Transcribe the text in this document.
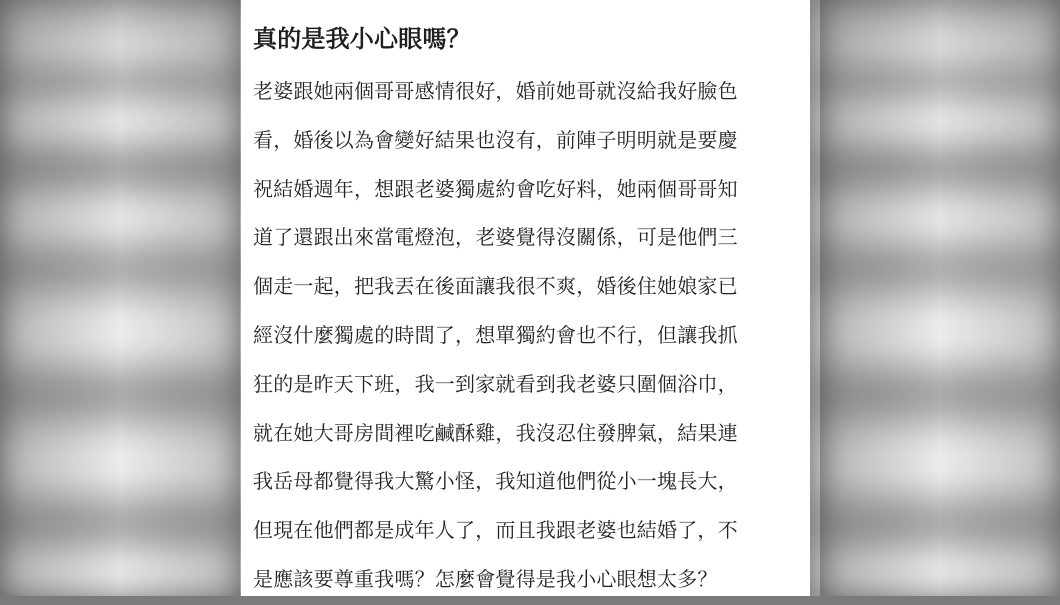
真的是我小心眼嗎？

老婆跟她兩個哥哥感情很好，婚前她哥就沒給我好臉色
看，婚後以為會變好結果也沒有，前陣子明明就是要慶
祝結婚週年，想跟老婆獨處約會吃好料，她兩個哥哥知
道了還跟出來當電燈泡，老婆覺得沒關係，可是他們三
個走一起，把我丟在後面讓我很不爽，婚後住她娘家已
經沒什麼獨處的時間了，想單獨約會也不行，但讓我抓
狂的是昨天下班，我一到家就看到我老婆只圍個浴巾，
就在她大哥房間裡吃鹹酥雞，我沒忍住發脾氣，結果連
我岳母都覺得我大驚小怪，我知道他們從小一塊長大，
但現在他們都是成年人了，而且我跟老婆也結婚了，不
是應該要尊重我嗎？怎麼會覺得是我小心眼想太多？
